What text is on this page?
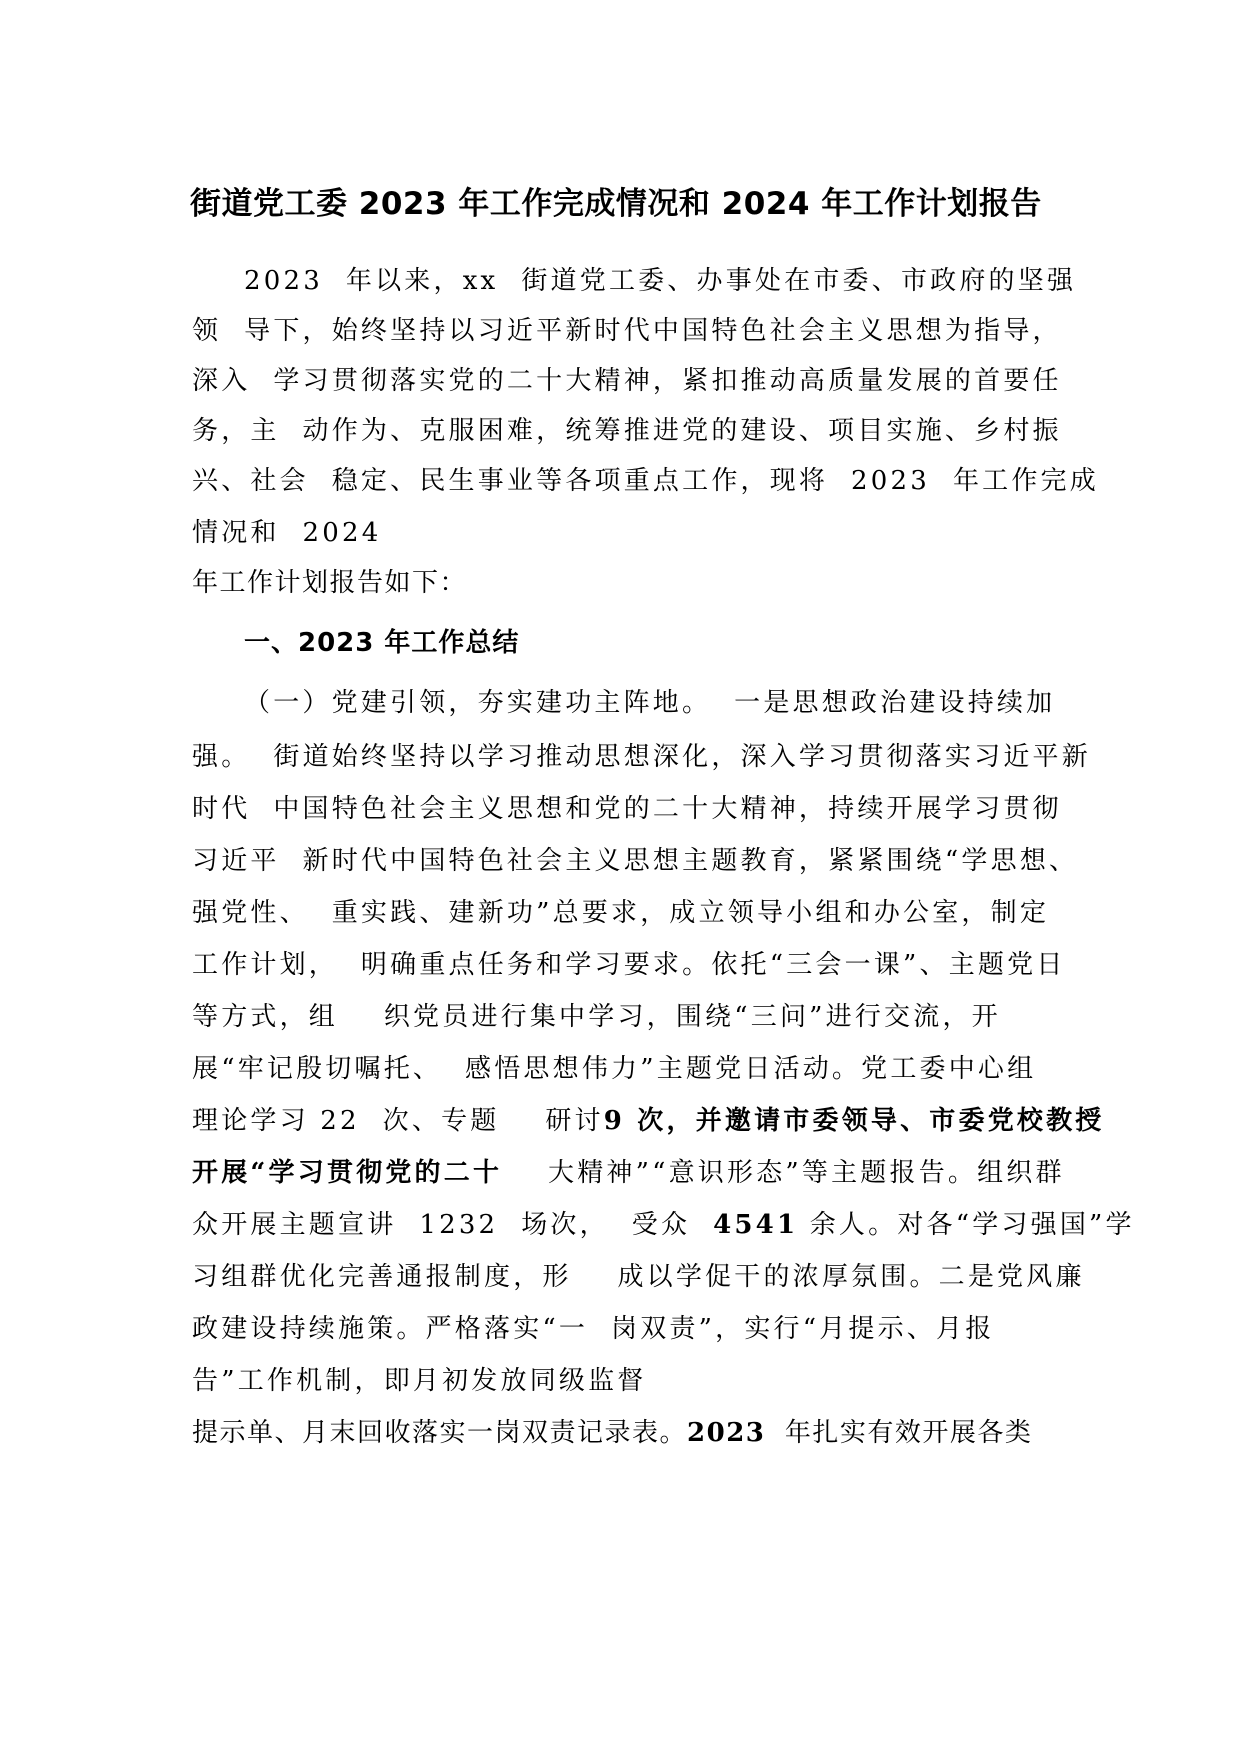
街道党工委 2023 年工作完成情况和 2024 年工作计划报告

2023  年以来，xx  街道党工委、办事处在市委、市政府的坚强

领  导下，始终坚持以习近平新时代中国特色社会主义思想为指导，

深入  学习贯彻落实党的二十大精神，紧扣推动高质量发展的首要任

务，主  动作为、克服困难，统筹推进党的建设、项目实施、乡村振

兴、社会  稳定、民生事业等各项重点工作，现将  2023  年工作完成

情况和  2024

年工作计划报告如下：

一、2023 年工作总结

（一）党建引领，夯实建功主阵地。  一是思想政治建设持续加

强。  街道始终坚持以学习推动思想深化，深入学习贯彻落实习近平新

时代  中国特色社会主义思想和党的二十大精神，持续开展学习贯彻

习近平  新时代中国特色社会主义思想主题教育，紧紧围绕“学思想、

强党性、  重实践、建新功”总要求，成立领导小组和办公室，制定

工作计划，  明确重点任务和学习要求。依托“三会一课”、主题党日

等方式，组    织党员进行集中学习，围绕“三问”进行交流，开

展“牢记殷切嘱托、  感悟思想伟力”主题党日活动。党工委中心组

理论学习 22  次、专题    研讨9 次，并邀请市委领导、市委党校教授

开展“学习贯彻党的二十    大精神”“意识形态”等主题报告。组织群

众开展主题宣讲  1232  场次，  受众  4541 余人。对各“学习强国”学

习组群优化完善通报制度，形    成以学促干的浓厚氛围。二是党风廉

政建设持续施策。严格落实“一  岗双责”，实行“月提示、月报

告”工作机制，即月初发放同级监督

提示单、月末回收落实一岗双责记录表。2023  年扎实有效开展各类
